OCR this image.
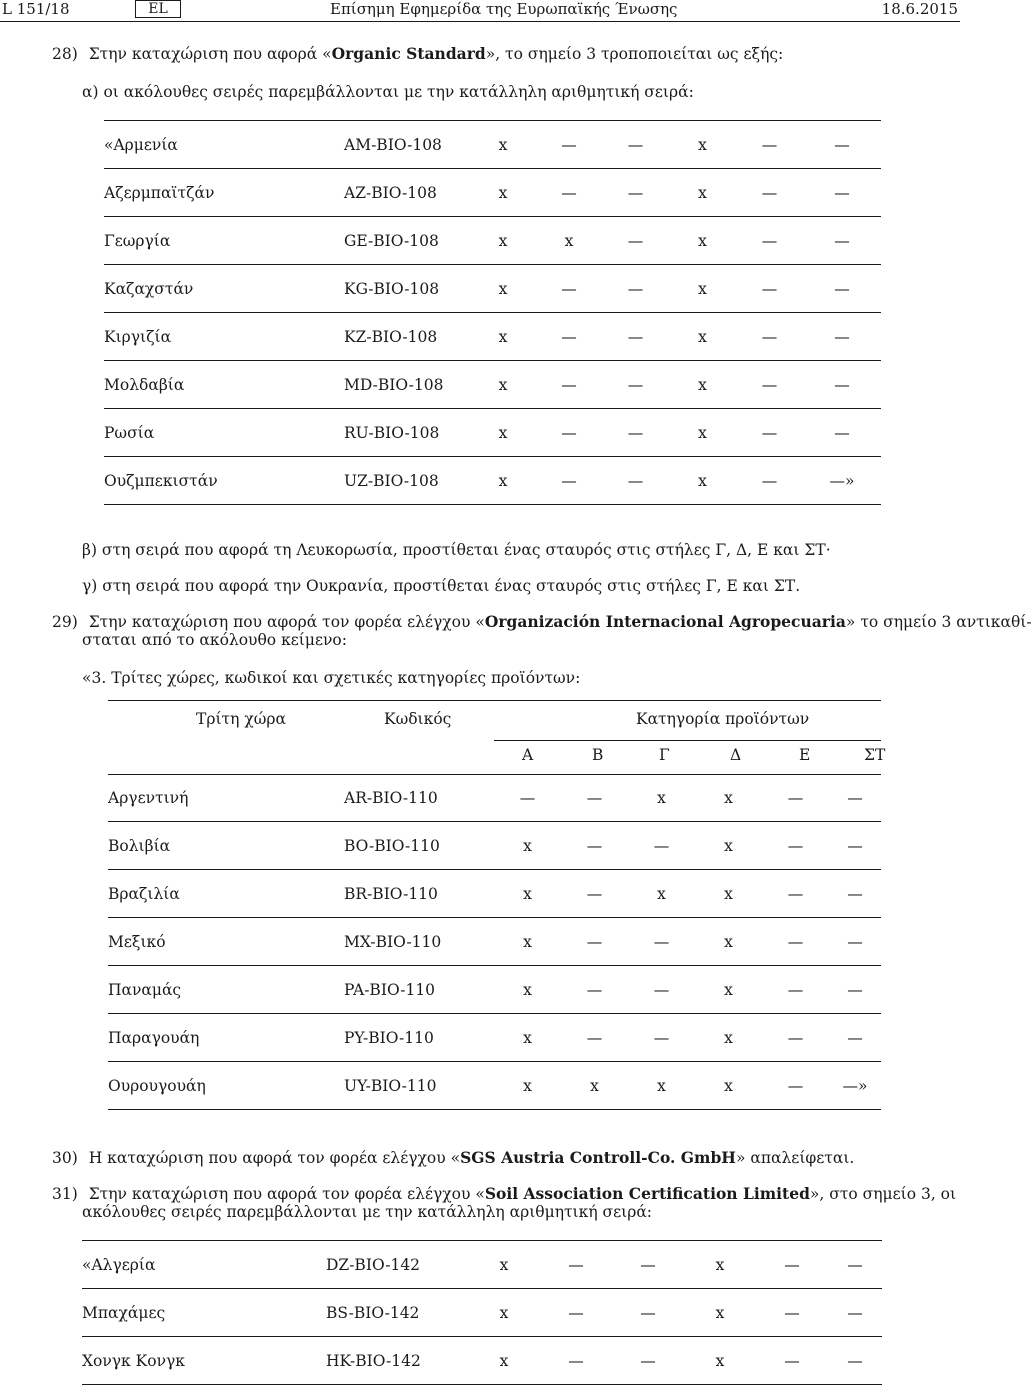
L 151/18	EL	Επίσημη Εφημερίδα της Ευρωπαϊκής Ένωσης	18.6.2015
28) Στην καταχώριση που αφορά «Organic Standard», το σημείο 3 τροποποιείται ως εξής:
α) οι ακόλουθες σειρές παρεμβάλλονται με την κατάλληλη αριθμητική σειρά:
«Αρμενία	AM-BIO-108	x	—	—	x	—	—
Αζερμπαϊτζάν	AZ-BIO-108	x	—	—	x	—	—
Γεωργία	GE-BIO-108	x	x	—	x	—	—
Καζαχστάν	KG-BIO-108	x	—	—	x	—	—
Κιργιζία	KZ-BIO-108	x	—	—	x	—	—
Μολδαβία	MD-BIO-108	x	—	—	x	—	—
Ρωσία	RU-BIO-108	x	—	—	x	—	—
Ουζμπεκιστάν	UZ-BIO-108	x	—	—	x	—	—»
β) στη σειρά που αφορά τη Λευκορωσία, προστίθεται ένας σταυρός στις στήλες Γ, Δ, Ε και ΣΤ·
γ) στη σειρά που αφορά την Ουκρανία, προστίθεται ένας σταυρός στις στήλες Γ, Ε και ΣΤ.
29) Στην καταχώριση που αφορά τον φορέα ελέγχου «Organización Internacional Agropecuaria» το σημείο 3 αντικαθί-
σταται από το ακόλουθο κείμενο:
«3. Τρίτες χώρες, κωδικοί και σχετικές κατηγορίες προϊόντων:
Τρίτη χώρα	Κωδικός	Κατηγορία προϊόντων
Α	Β	Γ	Δ	Ε	ΣΤ
Αργεντινή	AR-BIO-110	—	—	x	x	—	—
Βολιβία	BO-BIO-110	x	—	—	x	—	—
Βραζιλία	BR-BIO-110	x	—	x	x	—	—
Μεξικό	MX-BIO-110	x	—	—	x	—	—
Παναμάς	PA-BIO-110	x	—	—	x	—	—
Παραγουάη	PY-BIO-110	x	—	—	x	—	—
Ουρουγουάη	UY-BIO-110	x	x	x	x	—	—»
30) Η καταχώριση που αφορά τον φορέα ελέγχου «SGS Austria Controll-Co. GmbH» απαλείφεται.
31) Στην καταχώριση που αφορά τον φορέα ελέγχου «Soil Association Certification Limited», στο σημείο 3, οι
ακόλουθες σειρές παρεμβάλλονται με την κατάλληλη αριθμητική σειρά:
«Αλγερία	DZ-BIO-142	x	—	—	x	—	—
Μπαχάμες	BS-BIO-142	x	—	—	x	—	—
Χονγκ Κονγκ	HK-BIO-142	x	—	—	x	—	—
